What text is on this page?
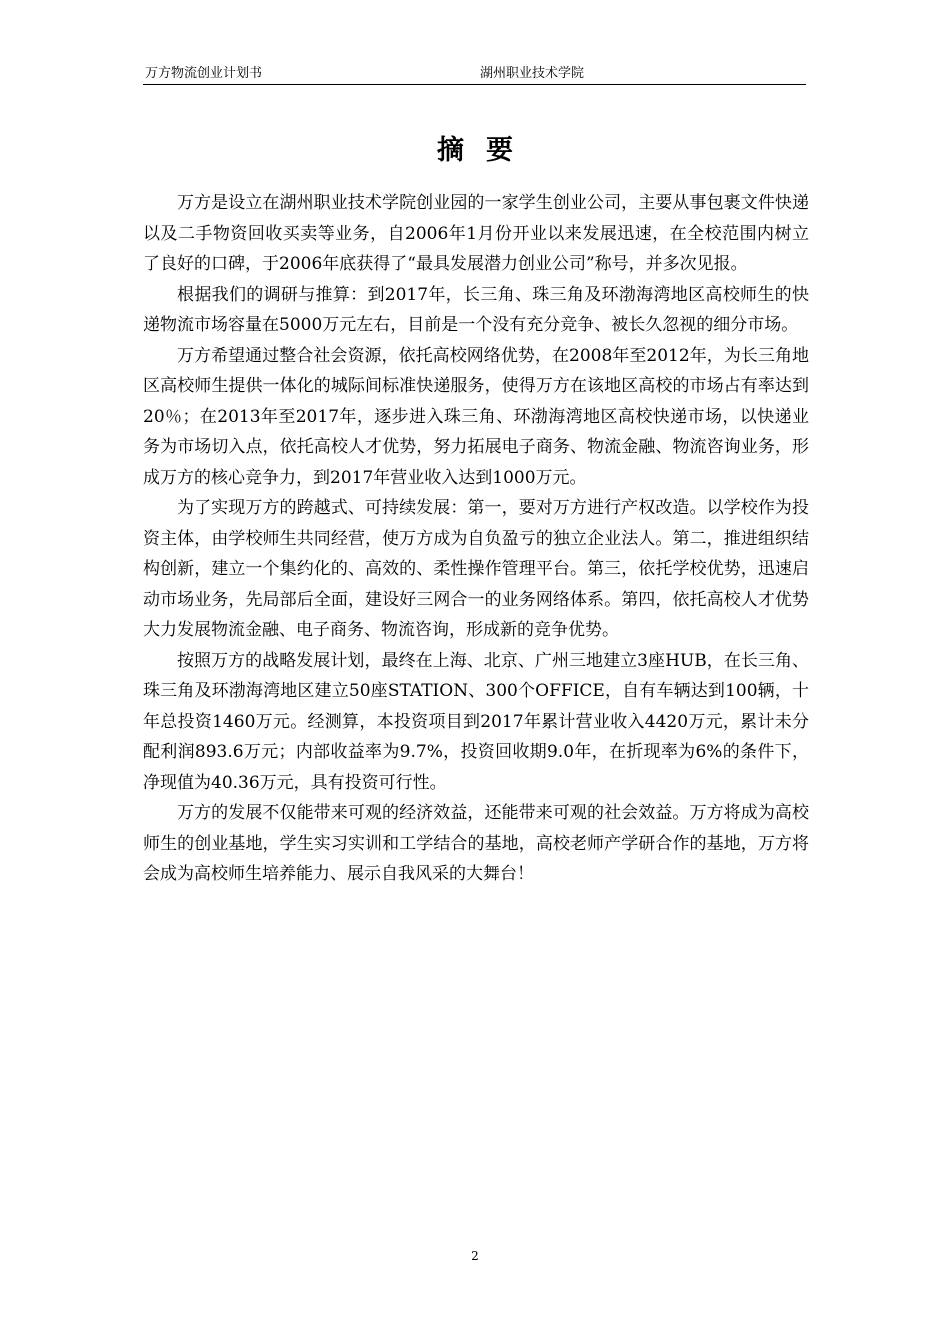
万方物流创业计划书	湖州职业技术学院
摘要

万方是设立在湖州职业技术学院创业园的一家学生创业公司，主要从事包裹文件快递以及二手物资回收买卖等业务，自2006年1月份开业以来发展迅速，在全校范围内树立了良好的口碑，于2006年底获得了“最具发展潜力创业公司”称号，并多次见报。

根据我们的调研与推算：到2017年，长三角、珠三角及环渤海湾地区高校师生的快递物流市场容量在5000万元左右，目前是一个没有充分竞争、被长久忽视的细分市场。

万方希望通过整合社会资源，依托高校网络优势，在2008年至2012年，为长三角地区高校师生提供一体化的城际间标准快递服务，使得万方在该地区高校的市场占有率达到20％；在2013年至2017年，逐步进入珠三角、环渤海湾地区高校快递市场，以快递业务为市场切入点，依托高校人才优势，努力拓展电子商务、物流金融、物流咨询业务，形成万方的核心竞争力，到2017年营业收入达到1000万元。

为了实现万方的跨越式、可持续发展：第一，要对万方进行产权改造。以学校作为投资主体，由学校师生共同经营，使万方成为自负盈亏的独立企业法人。第二，推进组织结构创新，建立一个集约化的、高效的、柔性操作管理平台。第三，依托学校优势，迅速启动市场业务，先局部后全面，建设好三网合一的业务网络体系。第四，依托高校人才优势大力发展物流金融、电子商务、物流咨询，形成新的竞争优势。

按照万方的战略发展计划，最终在上海、北京、广州三地建立3座HUB，在长三角、珠三角及环渤海湾地区建立50座STATION、300个OFFICE，自有车辆达到100辆，十年总投资1460万元。经测算，本投资项目到2017年累计营业收入4420万元，累计未分配利润893.6万元；内部收益率为9.7%，投资回收期9.0年，在折现率为6%的条件下，净现值为40.36万元，具有投资可行性。

万方的发展不仅能带来可观的经济效益，还能带来可观的社会效益。万方将成为高校师生的创业基地，学生实习实训和工学结合的基地，高校老师产学研合作的基地，万方将会成为高校师生培养能力、展示自我风采的大舞台！

2
